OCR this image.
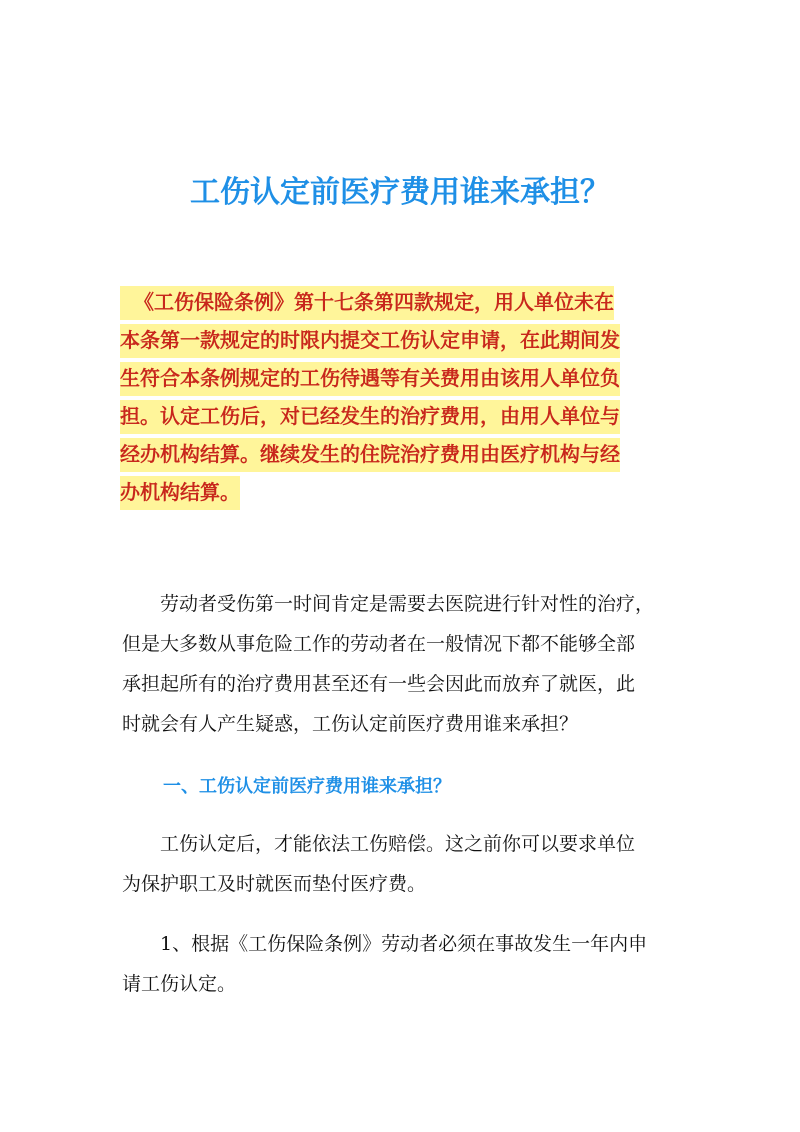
工伤认定前医疗费用谁来承担？
《工伤保险条例》第十七条第四款规定，用人单位未在
本条第一款规定的时限内提交工伤认定申请，在此期间发
生符合本条例规定的工伤待遇等有关费用由该用人单位负
担。认定工伤后，对已经发生的治疗费用，由用人单位与
经办机构结算。继续发生的住院治疗费用由医疗机构与经
办机构结算。
　　劳动者受伤第一时间肯定是需要去医院进行针对性的治疗，
但是大多数从事危险工作的劳动者在一般情况下都不能够全部
承担起所有的治疗费用甚至还有一些会因此而放弃了就医，此
时就会有人产生疑惑，工伤认定前医疗费用谁来承担？
一、工伤认定前医疗费用谁来承担？
　　工伤认定后，才能依法工伤赔偿。这之前你可以要求单位
为保护职工及时就医而垫付医疗费。
　　1、根据《工伤保险条例》劳动者必须在事故发生一年内申
请工伤认定。
